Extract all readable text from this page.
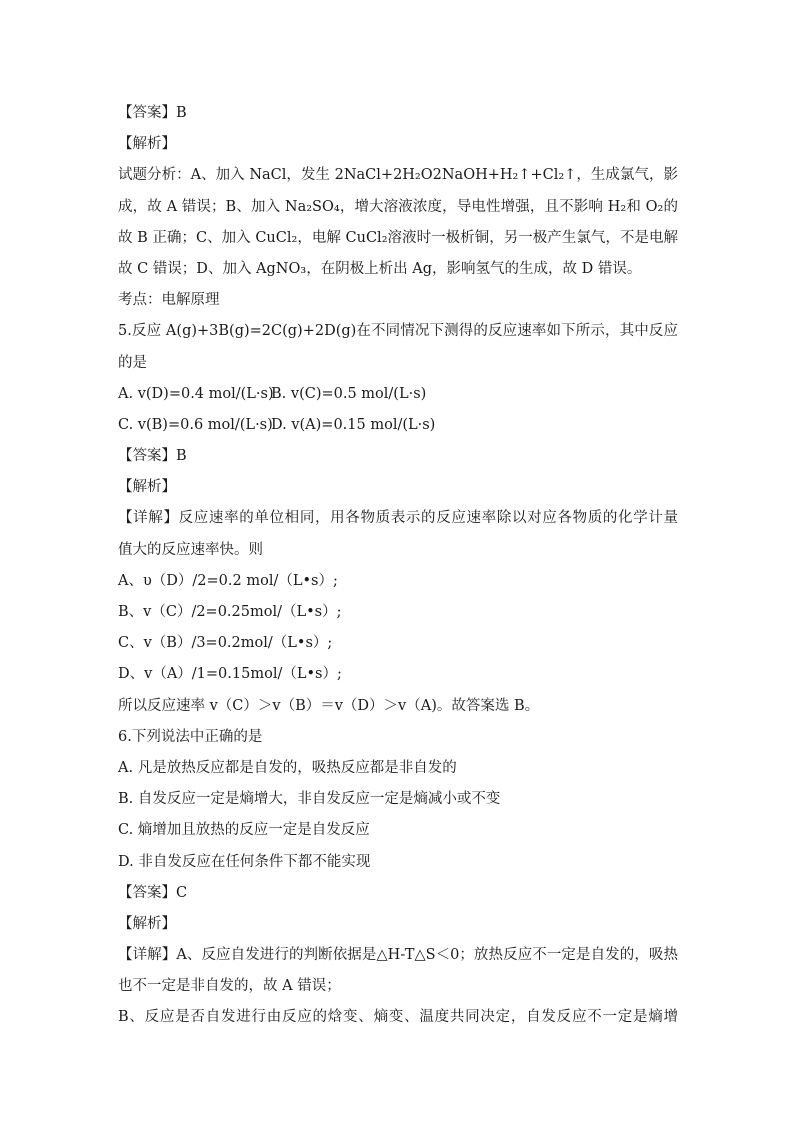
【答案】B
【解析】
试题分析：A、加入 NaCl，发生 2NaCl+2H₂O2NaOH+H₂↑+Cl₂↑，生成氯气，影
成，故 A 错误；B、加入 Na₂SO₄，增大溶液浓度，导电性增强，且不影响 H₂和 O₂的
故 B 正确；C、加入 CuCl₂，电解 CuCl₂溶液时一极析铜，另一极产生氯气，不是电解
故 C 错误；D、加入 AgNO₃，在阴极上析出 Ag，影响氢气的生成，故 D 错误。
考点：电解原理
5.反应 A(g)+3B(g)=2C(g)+2D(g)在不同情况下测得的反应速率如下所示，其中反应
的是
A. v(D)=0.4 mol/(L·s)
B. v(C)=0.5 mol/(L·s)
C. v(B)=0.6 mol/(L·s)
D. v(A)=0.15 mol/(L·s)
【答案】B
【解析】
【详解】反应速率的单位相同，用各物质表示的反应速率除以对应各物质的化学计量
值大的反应速率快。则
A、υ（D）/2=0.2 mol/（L•s）;
B、v（C）/2=0.25mol/（L•s）;
C、v（B）/3=0.2mol/（L•s）;
D、v（A）/1=0.15mol/（L•s）;
所以反应速率 v（C）＞v（B）＝v（D）＞v（A)。故答案选 B。
6.下列说法中正确的是
A. 凡是放热反应都是自发的，吸热反应都是非自发的
B. 自发反应一定是熵增大，非自发反应一定是熵减小或不变
C. 熵增加且放热的反应一定是自发反应
D. 非自发反应在任何条件下都不能实现
【答案】C
【解析】
【详解】A、反应自发进行的判断依据是△H-T△S＜0；放热反应不一定是自发的，吸热
也不一定是非自发的，故 A 错误；
B、反应是否自发进行由反应的焓变、熵变、温度共同决定，自发反应不一定是熵增
